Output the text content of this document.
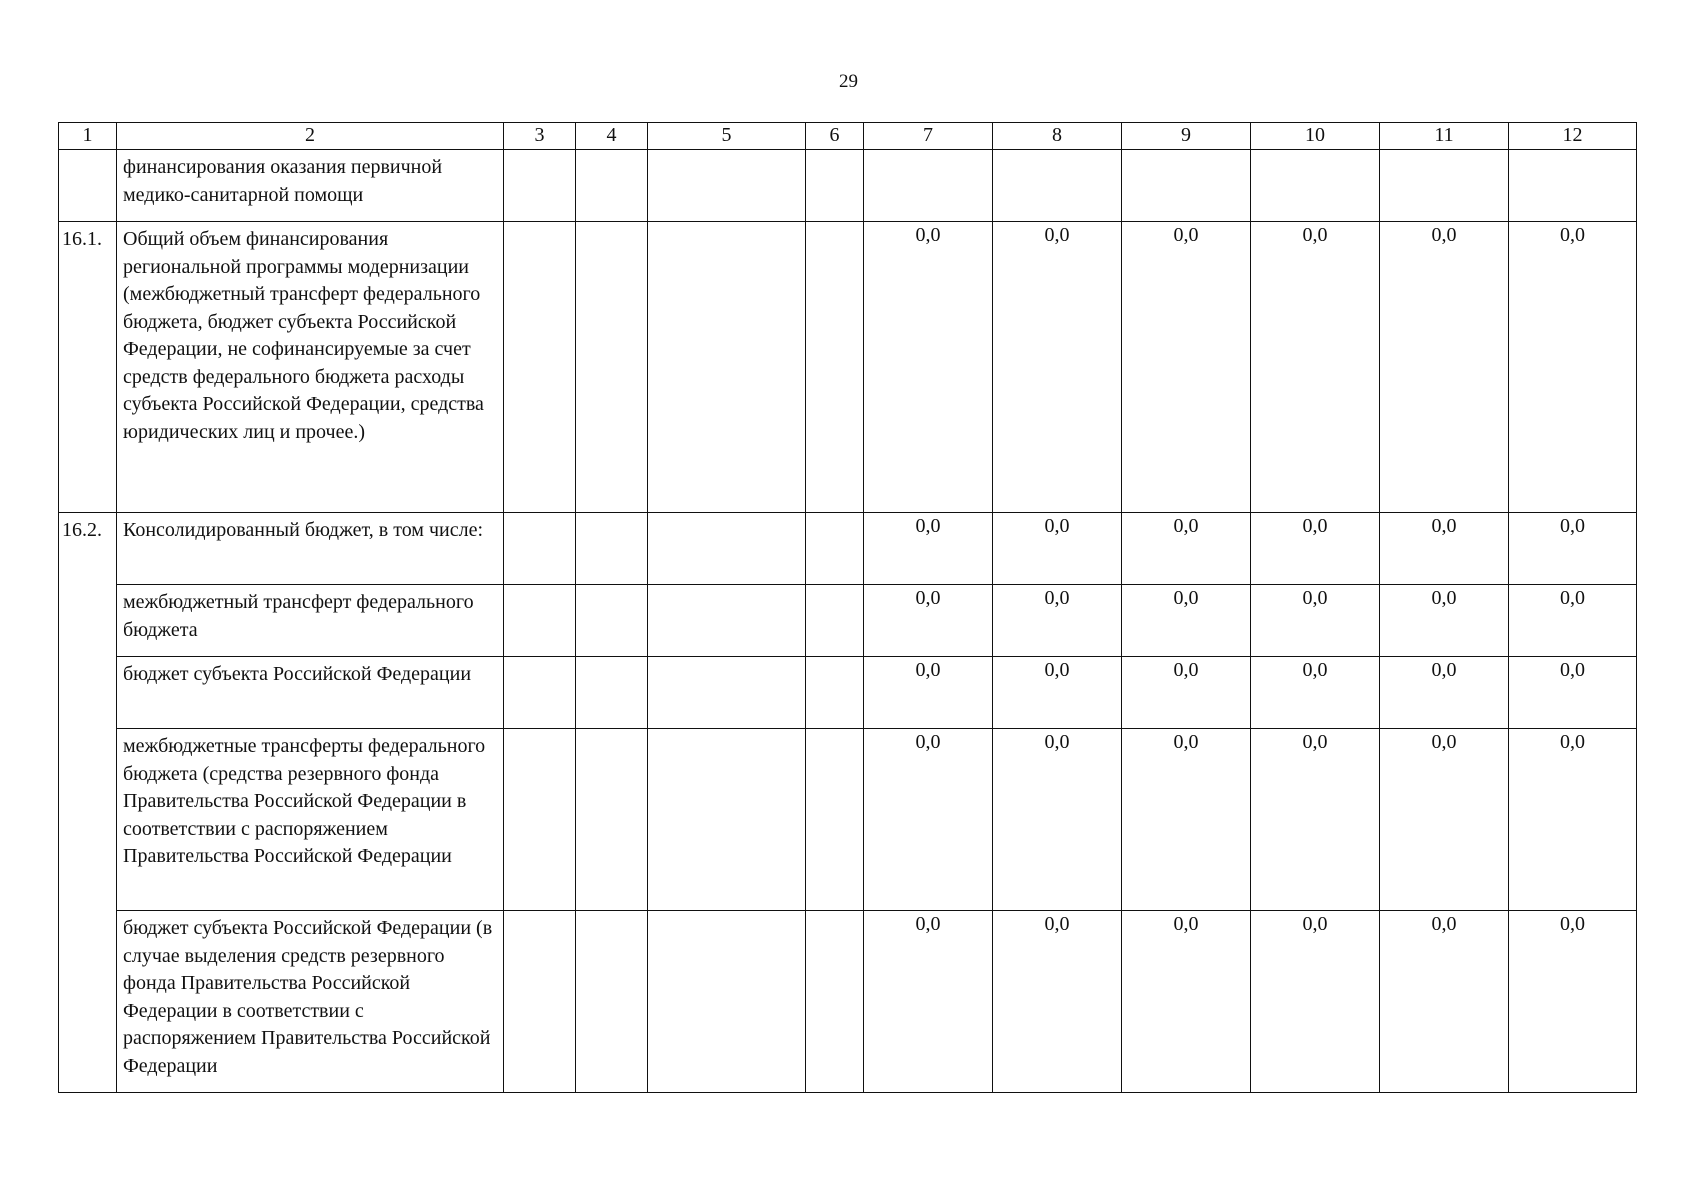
29
1	2	3	4	5	6	7	8	9	10	11	12
	финансирования оказания первичной медико-санитарной помощи										
16.1.	Общий объем финансирования региональной программы модернизации (межбюджетный трансферт федерального бюджета, бюджет субъекта Российской Федерации, не софинансируемые за счет средств федерального бюджета расходы субъекта Российской Федерации, средства юридических лиц и прочее.)					0,0	0,0	0,0	0,0	0,0	0,0
16.2.	Консолидированный бюджет, в том числе:					0,0	0,0	0,0	0,0	0,0	0,0
	межбюджетный трансферт федерального бюджета					0,0	0,0	0,0	0,0	0,0	0,0
	бюджет субъекта Российской Федерации					0,0	0,0	0,0	0,0	0,0	0,0
	межбюджетные трансферты федерального бюджета (средства резервного фонда Правительства Российской Федерации в соответствии с распоряжением Правительства Российской Федерации					0,0	0,0	0,0	0,0	0,0	0,0
	бюджет субъекта Российской Федерации (в случае выделения средств резервного фонда Правительства Российской Федерации в соответствии с распоряжением Правительства Российской Федерации					0,0	0,0	0,0	0,0	0,0	0,0
